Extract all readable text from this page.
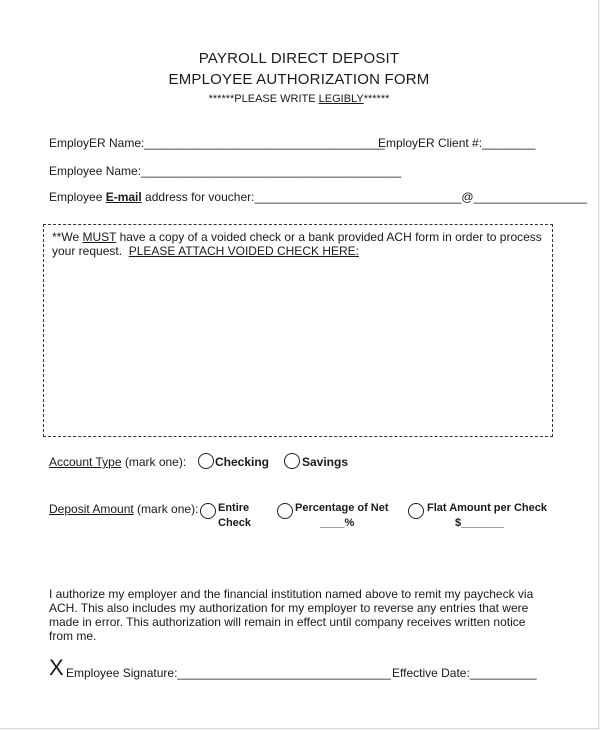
PAYROLL DIRECT DEPOSIT
EMPLOYEE AUTHORIZATION FORM
******PLEASE WRITE LEGIBLY******
EmployER Name:____________________________________
EmployER Client #:________
Employee Name:_______________________________________
Employee E-mail address for voucher:_______________________________@_________________
**We MUST have a copy of a voided check or a bank provided ACH form in order to process
your request.  PLEASE ATTACH VOIDED CHECK HERE:
Account Type (mark one): Checking	Savings
Deposit Amount (mark one): Entire
Check
Percentage of Net
____%
Flat Amount per Check
$_______
I authorize my employer and the financial institution named above to remit my paycheck via
ACH. This also includes my authorization for my employer to reverse any entries that were
made in error. This authorization will remain in effect until company receives written notice
from me.
X Employee Signature:________________________________ Effective Date:__________
